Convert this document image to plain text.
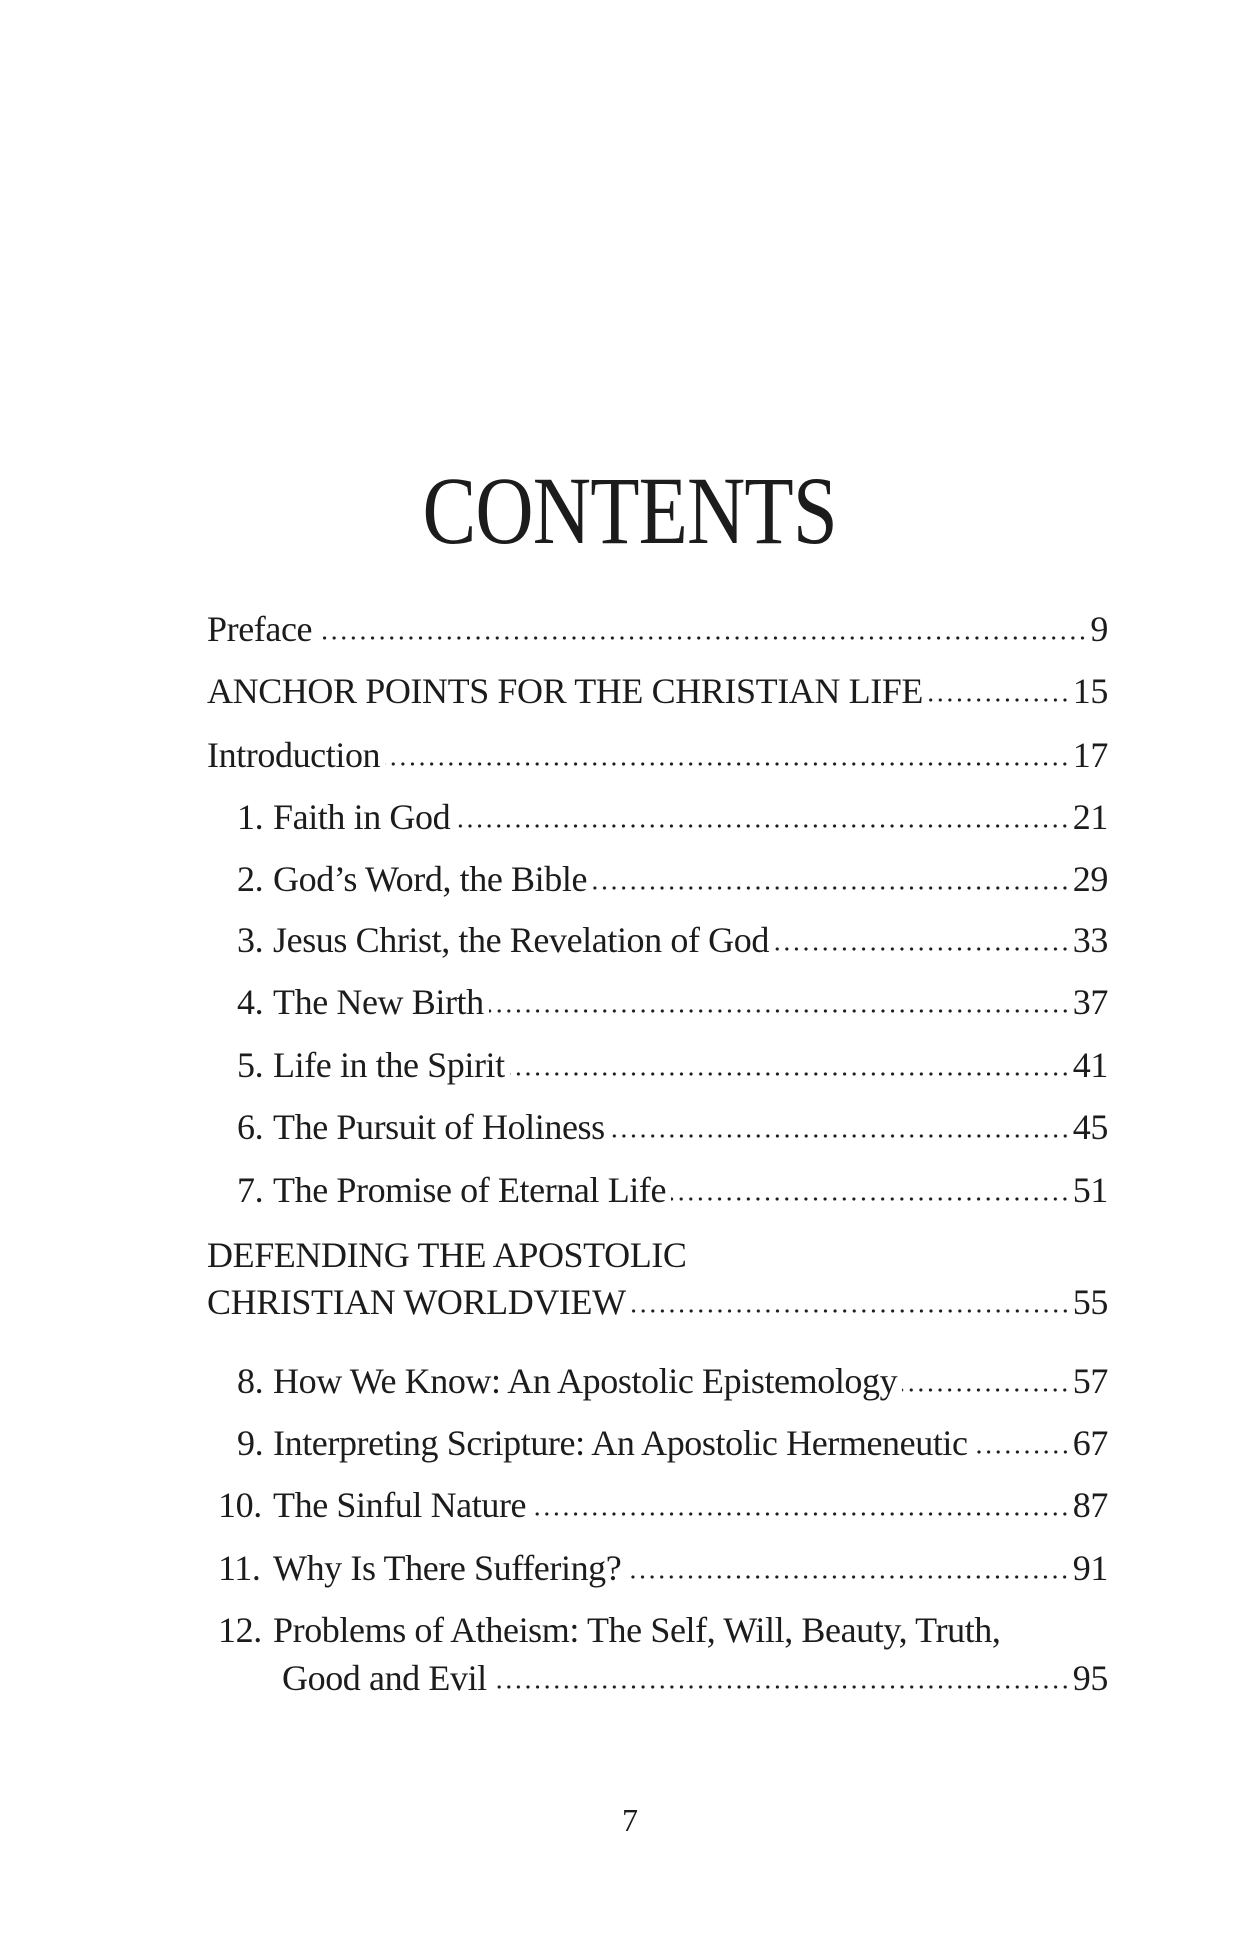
CONTENTS
Preface	9
ANCHOR POINTS FOR THE CHRISTIAN LIFE	15
Introduction	17
1. Faith in God	21
2. God’s Word, the Bible	29
3. Jesus Christ, the Revelation of God	33
4. The New Birth	37
5. Life in the Spirit	41
6. The Pursuit of Holiness	45
7. The Promise of Eternal Life	51
DEFENDING THE APOSTOLIC
CHRISTIAN WORLDVIEW	55
8. How We Know: An Apostolic Epistemology	57
9. Interpreting Scripture: An Apostolic Hermeneutic	67
10. The Sinful Nature	87
11. Why Is There Suffering?	91
12. Problems of Atheism: The Self, Will, Beauty, Truth,
Good and Evil	95
7
